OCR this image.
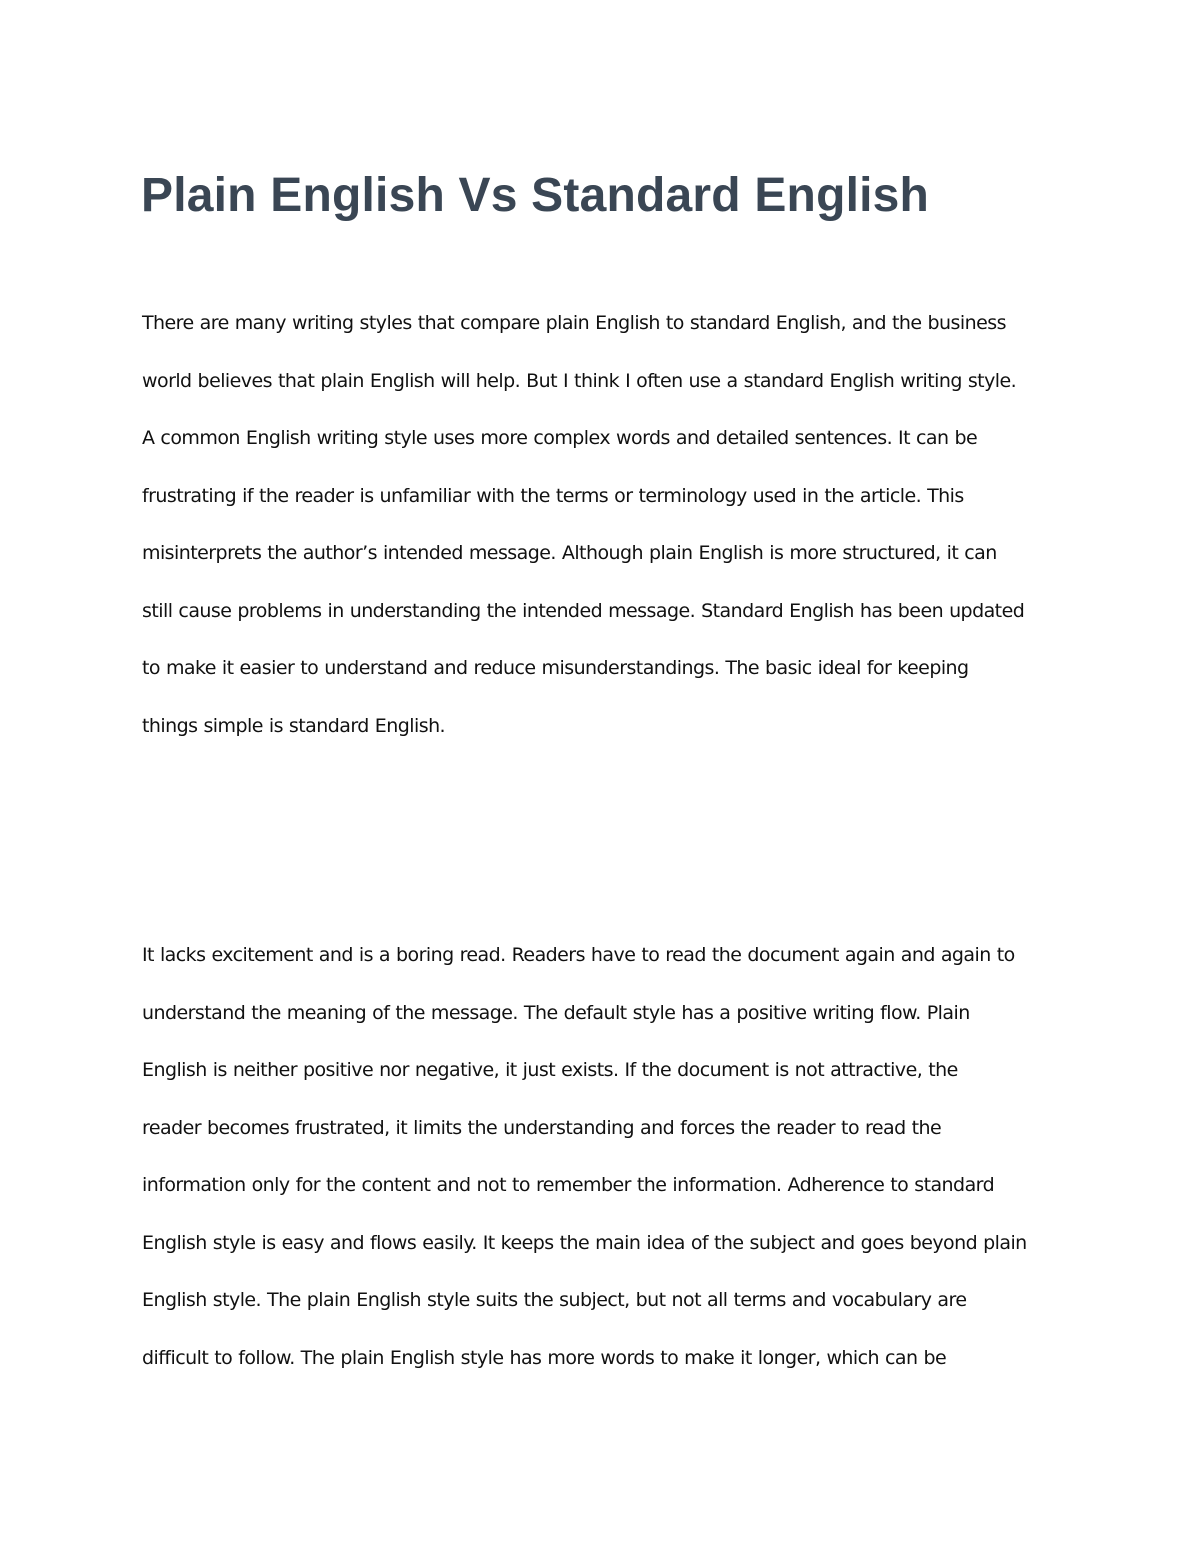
Plain English Vs Standard English

There are many writing styles that compare plain English to standard English, and the business
world believes that plain English will help. But I think I often use a standard English writing style.
A common English writing style uses more complex words and detailed sentences. It can be
frustrating if the reader is unfamiliar with the terms or terminology used in the article. This
misinterprets the author’s intended message. Although plain English is more structured, it can
still cause problems in understanding the intended message. Standard English has been updated
to make it easier to understand and reduce misunderstandings. The basic ideal for keeping
things simple is standard English.

It lacks excitement and is a boring read. Readers have to read the document again and again to
understand the meaning of the message. The default style has a positive writing flow. Plain
English is neither positive nor negative, it just exists. If the document is not attractive, the
reader becomes frustrated, it limits the understanding and forces the reader to read the
information only for the content and not to remember the information. Adherence to standard
English style is easy and flows easily. It keeps the main idea of the subject and goes beyond plain
English style. The plain English style suits the subject, but not all terms and vocabulary are
difficult to follow. The plain English style has more words to make it longer, which can be
